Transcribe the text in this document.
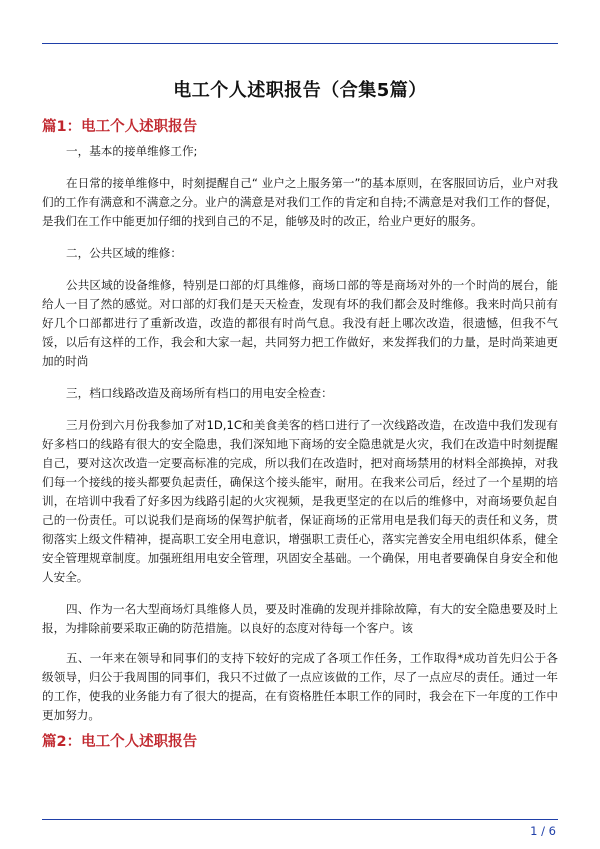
电工个人述职报告（合集5篇）
篇1：电工个人述职报告

一，基本的接单维修工作;

在日常的接单维修中，时刻提醒自己“ 业户之上服务第一”的基本原则，在客服回访后，业户对我们的工作有满意和不满意之分。业户的满意是对我们工作的肯定和自持;不满意是对我们工作的督促，是我们在工作中能更加仔细的找到自己的不足，能够及时的改正，给业户更好的服务。

二，公共区域的维修：

公共区域的设备维修，特别是口部的灯具维修，商场口部的等是商场对外的一个时尚的展台，能给人一目了然的感觉。对口部的灯我们是天天检查，发现有坏的我们都会及时维修。我来时尚只前有好几个口部都进行了重新改造，改造的都很有时尚气息。我没有赶上哪次改造，很遗憾，但我不气馁，以后有这样的工作，我会和大家一起，共同努力把工作做好，来发挥我们的力量，是时尚莱迪更加的时尚

三，档口线路改造及商场所有档口的用电安全检查：

三月份到六月份我参加了对1D,1C和美食美客的档口进行了一次线路改造，在改造中我们发现有好多档口的线路有很大的安全隐患，我们深知地下商场的安全隐患就是火灾，我们在改造中时刻提醒自己，要对这次改造一定要高标准的完成，所以我们在改造时，把对商场禁用的材料全部换掉，对我们每一个接线的接头都要负起责任，确保这个接头能牢，耐用。在我来公司后，经过了一个星期的培训，在培训中我看了好多因为线路引起的火灾视频，是我更坚定的在以后的维修中，对商场要负起自己的一份责任。可以说我们是商场的保驾护航者，保证商场的正常用电是我们每天的责任和义务，贯彻落实上级文件精神，提高职工安全用电意识，增强职工责任心，落实完善安全用电组织体系，健全安全管理规章制度。加强班组用电安全管理，巩固安全基础。一个确保，用电者要确保自身安全和他人安全。

四、作为一名大型商场灯具维修人员，要及时准确的发现并排除故障，有大的安全隐患要及时上报，为排除前要采取正确的防范措施。以良好的态度对待每一个客户。该

五、一年来在领导和同事们的支持下较好的完成了各项工作任务，工作取得*成功首先归公于各级领导，归公于我周围的同事们，我只不过做了一点应该做的工作，尽了一点应尽的责任。通过一年的工作，使我的业务能力有了很大的提高，在有资格胜任本职工作的同时，我会在下一年度的工作中更加努力。

篇2：电工个人述职报告
1 / 6
